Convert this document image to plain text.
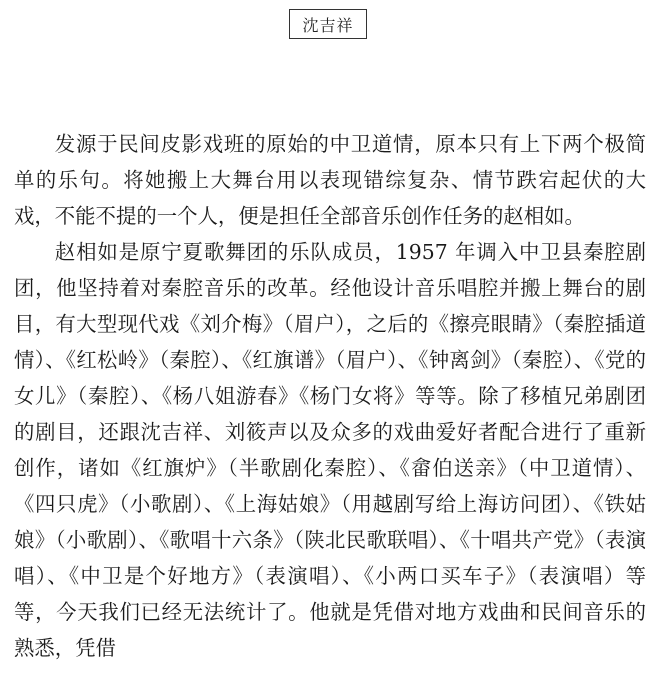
沈吉祥

发源于民间皮影戏班的原始的中卫道情，原本只有上下两个极简单的乐句。将她搬上大舞台用以表现错综复杂、情节跌宕起伏的大戏，不能不提的一个人，便是担任全部音乐创作任务的赵相如。

赵相如是原宁夏歌舞团的乐队成员，1957 年调入中卫县秦腔剧团，他坚持着对秦腔音乐的改革。经他设计音乐唱腔并搬上舞台的剧目，有大型现代戏《刘介梅》（眉户），之后的《擦亮眼睛》（秦腔插道情）、《红松岭》（秦腔）、《红旗谱》（眉户）、《钟离剑》（秦腔）、《党的女儿》（秦腔）、《杨八姐游春》《杨门女将》等等。除了移植兄弟剧团的剧目，还跟沈吉祥、刘筱声以及众多的戏曲爱好者配合进行了重新创作，诸如《红旗炉》（半歌剧化秦腔）、《畲伯送亲》（中卫道情）、《四只虎》（小歌剧）、《上海姑娘》（用越剧写给上海访问团）、《铁姑娘》（小歌剧）、《歌唱十六条》（陕北民歌联唱）、《十唱共产党》（表演唱）、《中卫是个好地方》（表演唱）、《小两口买车子》（表演唱）等等，今天我们已经无法统计了。他就是凭借对地方戏曲和民间音乐的熟悉，凭借
